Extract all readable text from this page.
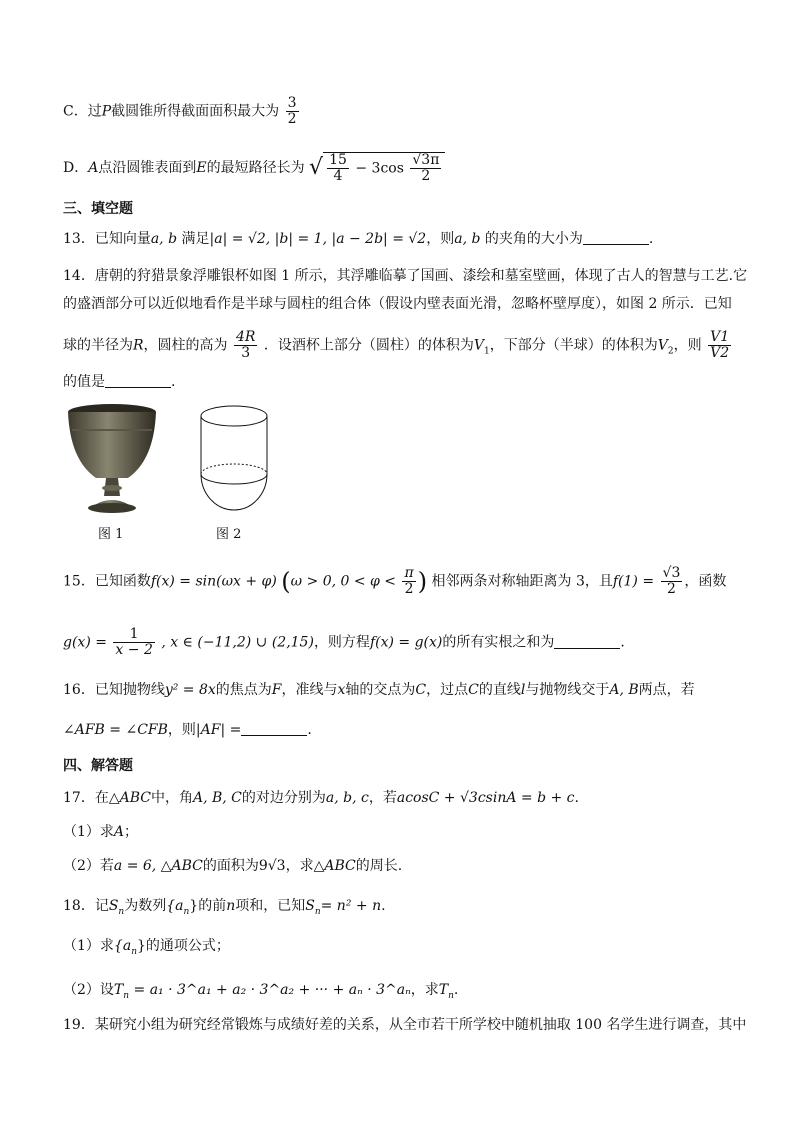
C．过P截圆锥所得截面面积最大为 $\frac{3}{2}$
D．A点沿圆锥表面到E的最短路径长为 √ $\frac{15}{4} - 3\cos \frac{√3\pi}{2}$
三、填空题
13．已知向量a, b 满足|a| = √2, |b| = 1, |a − 2b| = √2，则a, b 的夹角的大小为	.
14．唐朝的狩猎景象浮雕银杯如图 1 所示，其浮雕临摹了国画、漆绘和墓室壁画，体现了古人的智慧与工艺.它
的盛酒部分可以近似地看作是半球与圆柱的组合体（假设内壁表面光滑，忽略杯壁厚度），如图 2 所示．已知
球的半径为R，圆柱的高为 $\frac{4R}{3}$ ．设酒杯上部分（圆柱）的体积为$V_1$，下部分（半球）的体积为$V_2$，则 $\frac{V1}{V2}$
的值是	.
图 1	图 2
15．已知函数f(x) = sin(ωx + φ) (ω > 0, $0 < \varphi < \frac{\pi}{2}$ ) 相邻两条对称轴距离为 3，且$f(1) = \frac{√3}{2}$ ，函数
$g(x) = \frac{1}{x - 2}$ , x ∈ (−11,2) ∪ (2,15)，则方程f(x) = g(x)的所有实根之和为	.
16．已知抛物线y² = 8x的焦点为F，准线与x轴的交点为C，过点C的直线l与抛物线交于A, B两点，若
∠AFB = ∠CFB，则|AF| =	.
四、解答题
17．在△ABC中，角A, B, C的对边分别为a, b, c，若acosC + √3csinA = b + c.
（1）求A；
（2）若a = 6, △ABC的面积为9√3，求△ABC的周长.
18．记$S_n$为数列$\{a_n\}$的前n项和，已知$S_n= n^2 + n$.
（1）求$\{a_n\}$的通项公式；
（2）设$T_n = a_1$ · 3^a₁ + a₂ · 3^a₂ + ··· + aₙ · 3^aₙ，求$T_n$.
19．某研究小组为研究经常锻炼与成绩好差的关系，从全市若干所学校中随机抽取 100 名学生进行调查，其中
